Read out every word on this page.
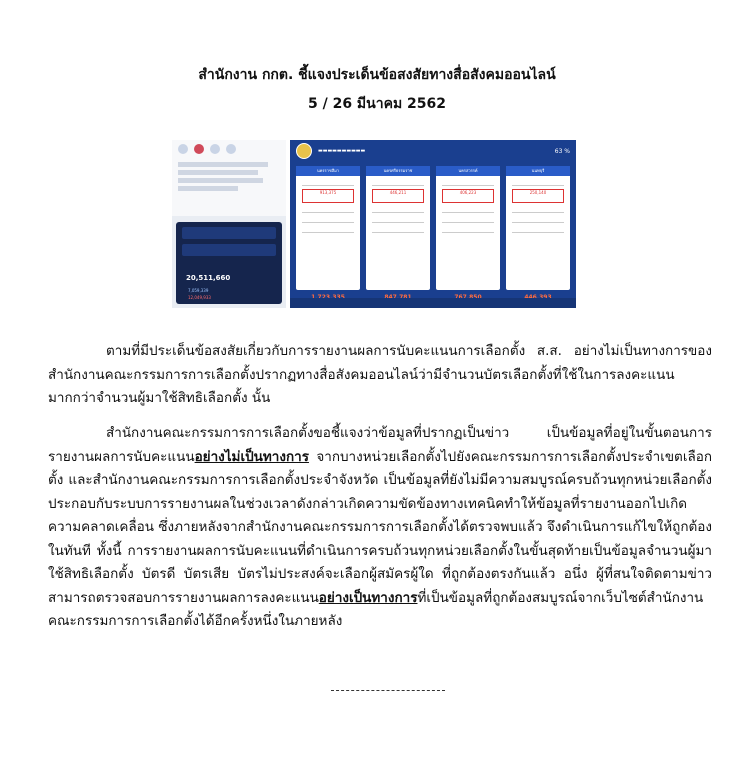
สำนักงาน กกต. ชี้แจงประเด็นข้อสงสัยทางสื่อสังคมออนไลน์
5 / 26 มีนาคม 2562
20,511,660
7,059,339
12,049,933
▬▬▬▬▬▬▬▬▬▬	63 %
นครราชสีมา
913,375
นครศรีธรรมราช
446,211
นครสวรรค์
406,223
นนทบุรี
250,140
ตามที่มีประเด็นข้อสงสัยเกี่ยวกับการรายงานผลการนับคะแนนการเลือกตั้ง ส.ส. อย่างไม่เป็นทางการของสำนักงานคณะกรรมการการเลือกตั้งปรากฏทางสื่อสังคมออนไลน์ว่ามีจำนวนบัตรเลือกตั้งที่ใช้ในการลงคะแนนมากกว่าจำนวนผู้มาใช้สิทธิเลือกตั้ง นั้น
สำนักงานคณะกรรมการการเลือกตั้งขอชี้แจงว่าข้อมูลที่ปรากฏเป็นข่าว เป็นข้อมูลที่อยู่ในขั้นตอนการรายงานผลการนับคะแนนอย่างไม่เป็นทางการ จากบางหน่วยเลือกตั้งไปยังคณะกรรมการการเลือกตั้งประจำเขตเลือกตั้ง และสำนักงานคณะกรรมการการเลือกตั้งประจำจังหวัด เป็นข้อมูลที่ยังไม่มีความสมบูรณ์ครบถ้วนทุกหน่วยเลือกตั้ง ประกอบกับระบบการรายงานผลในช่วงเวลาดังกล่าวเกิดความขัดข้องทางเทคนิคทำให้ข้อมูลที่รายงานออกไปเกิดความคลาดเคลื่อน ซึ่งภายหลังจากสำนักงานคณะกรรมการการเลือกตั้งได้ตรวจพบแล้ว จึงดำเนินการแก้ไขให้ถูกต้องในทันที ทั้งนี้ การรายงานผลการนับคะแนนที่ดำเนินการครบถ้วนทุกหน่วยเลือกตั้งในขั้นสุดท้ายเป็นข้อมูลจำนวนผู้มาใช้สิทธิเลือกตั้ง บัตรดี บัตรเสีย บัตรไม่ประสงค์จะเลือกผู้สมัครผู้ใด ที่ถูกต้องตรงกันแล้ว อนึ่ง ผู้ที่สนใจติดตามข่าวสามารถตรวจสอบการรายงานผลการลงคะแนนอย่างเป็นทางการที่เป็นข้อมูลที่ถูกต้องสมบูรณ์จากเว็บไซต์สำนักงานคณะกรรมการการเลือกตั้งได้อีกครั้งหนึ่งในภายหลัง
